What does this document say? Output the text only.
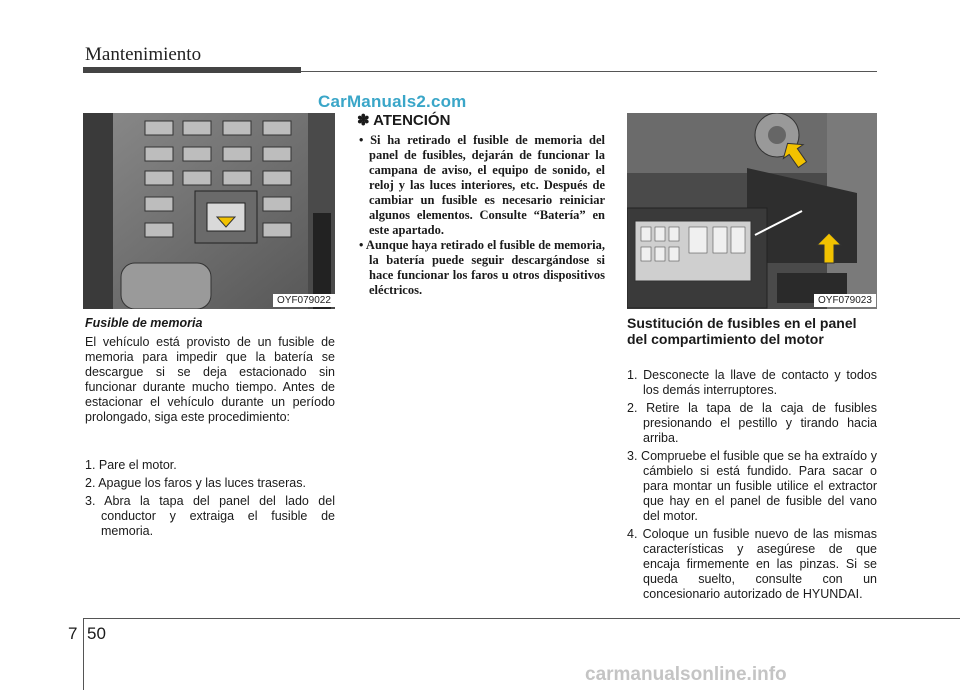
Mantenimiento
OYF079022
CarManuals2.com
Fusible de memoria
El vehículo está provisto de un fusible de memoria para impedir que la batería se descargue si se deja estacionado sin funcionar durante mucho tiempo. Antes de estacionar el vehículo durante un período prolongado, siga este procedimiento:
1. Pare el motor.
2. Apague los faros y las luces traseras.
3. Abra la tapa del panel del lado del conductor y extraiga el fusible de memoria.
✽ ATENCIÓN
• Si ha retirado el fusible de memoria del panel de fusibles, dejarán de funcionar la campana de aviso, el equipo de sonido, el reloj y las luces interiores, etc. Después de cambiar un fusible es necesario reiniciar algunos elementos. Consulte “Batería” en este apartado.
• Aunque haya retirado el fusible de memoria, la batería puede seguir descargándose si hace funcionar los faros u otros dispositivos eléctricos.
OYF079023
Sustitución de fusibles en el panel del compartimiento del motor
1. Desconecte la llave de contacto y todos los demás interruptores.
2. Retire la tapa de la caja de fusibles presionando el pestillo y tirando hacia arriba.
3. Compruebe el fusible que se ha extraído y cámbielo si está fundido. Para sacar o para montar un fusible utilice el extractor que hay en el panel de fusible del vano del motor.
4. Coloque un fusible nuevo de las mismas características y asegúrese de que encaja firmemente en las pinzas. Si se queda suelto, consulte con un concesionario autorizado de HYUNDAI.
7 50
carmanualsonline.info
